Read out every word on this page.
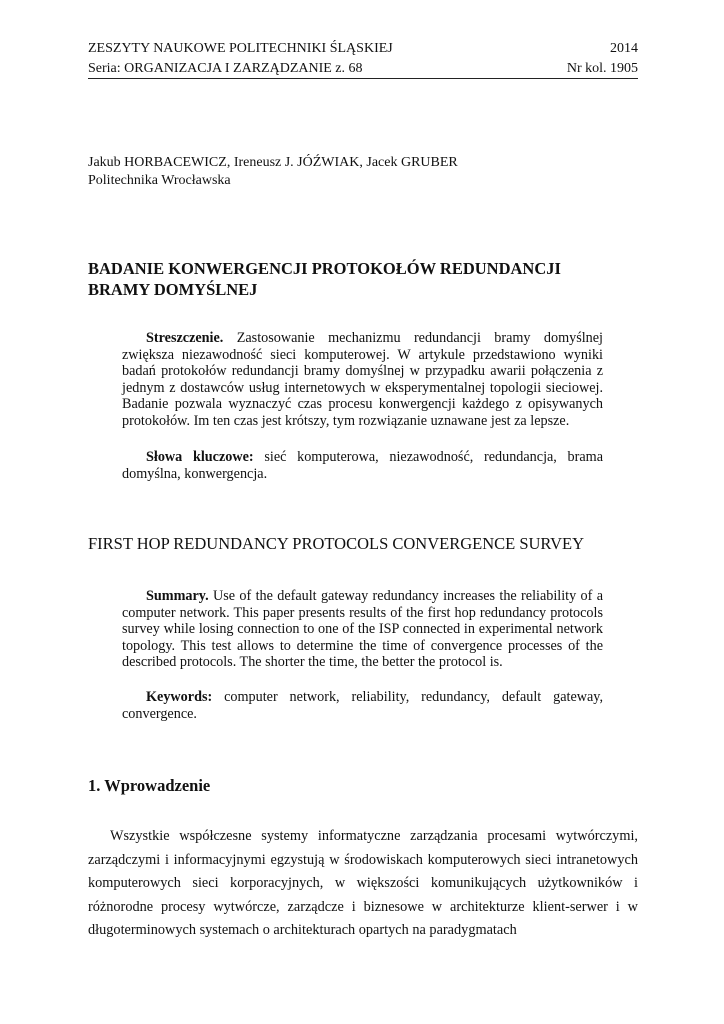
ZESZYTY NAUKOWE POLITECHNIKI ŚLĄSKIEJ	2014
Seria: ORGANIZACJA I ZARZĄDZANIE z. 68	Nr kol. 1905
Jakub HORBACEWICZ, Ireneusz J. JÓŹWIAK, Jacek GRUBER
Politechnika Wrocławska
BADANIE KONWERGENCJI PROTOKOŁÓW REDUNDANCJI BRAMY DOMYŚLNEJ

Streszczenie. Zastosowanie mechanizmu redundancji bramy domyślnej zwiększa niezawodność sieci komputerowej. W artykule przedstawiono wyniki badań protokołów redundancji bramy domyślnej w przypadku awarii połączenia z jednym z dostawców usług internetowych w eksperymentalnej topologii sieciowej. Badanie pozwala wyznaczyć czas procesu konwergencji każdego z opisywanych protokołów. Im ten czas jest krótszy, tym rozwiązanie uznawane jest za lepsze.

Słowa kluczowe: sieć komputerowa, niezawodność, redundancja, brama domyślna, konwergencja.

FIRST HOP REDUNDANCY PROTOCOLS CONVERGENCE SURVEY

Summary. Use of the default gateway redundancy increases the reliability of a computer network. This paper presents results of the first hop redundancy protocols survey while losing connection to one of the ISP connected in experimental network topology. This test allows to determine the time of convergence processes of the described protocols. The shorter the time, the better the protocol is.

Keywords: computer network, reliability, redundancy, default gateway, convergence.

1. Wprowadzenie

Wszystkie współczesne systemy informatyczne zarządzania procesami wytwórczymi, zarządczymi i informacyjnymi egzystują w środowiskach komputerowych sieci intranetowych komputerowych sieci korporacyjnych, w większości komunikujących użytkowników i różnorodne procesy wytwórcze, zarządcze i biznesowe w architekturze klient-serwer i w długoterminowych systemach o architekturach opartych na paradygmatach
